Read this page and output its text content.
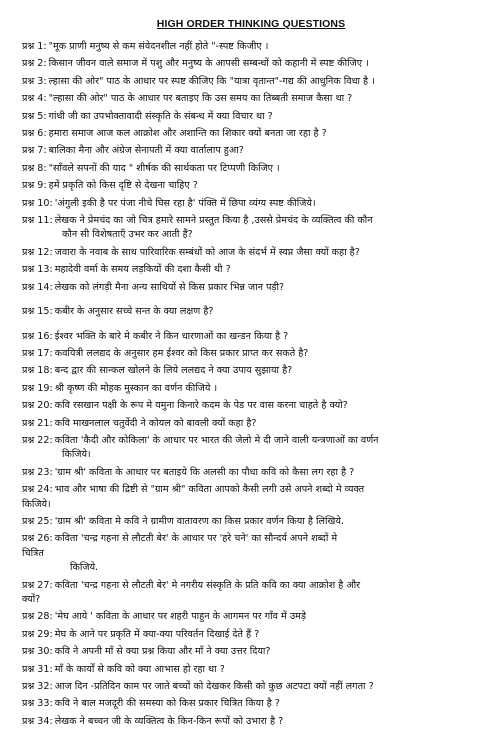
HIGH ORDER THINKING QUESTIONS
प्रश्न 1: "मूक प्राणी मनुष्य से कम संवेदनशील नहीं होते "-स्पष्ट किजीए ।
प्रश्न 2: किसान जीवन वाले समाज में पशु और मनुष्य के आपसी सम्बन्धों को कहानी में स्पष्ट कीजिए ।
प्रश्न 3: ल्हासा की ओर" पाठ के आधार पर स्पष्ट कीजिए कि "यात्रा वृतान्त"-गद्य की आधुनिक विधा है ।
प्रश्न 4: "ल्हासा की ओर" पाठ के आधार पर बताइए कि उस समय का तिब्बती समाज कैसा था ?
प्रश्न 5: गांधी जी का उपभोक्तावादी संस्कृति के संबन्ध में क्या विचार था ?
प्रश्न 6: हमारा समाज आज कल आक्रोश और अशान्ति का शिकार क्यों बनता जा रहा है ?
प्रश्न 7: बालिका मैना और अंग्रेज सेनापती में क्या वार्तालाप हुआ?
प्रश्न 8: "साँवले सपनों की याद " शीर्षक की सार्थकता पर टिप्पणी किजिए ।
प्रश्न 9: हमें प्रकृति को किस दृष्टि से देखना चाहिए ?
प्रश्न 10: 'अंगुली इकी है पर पंजा नीचे घिस रहा है' पंक्ति में छिपा व्यंग्य स्पष्ट कीजिये।
प्रश्न 11: लेखक ने प्रेमचंद का जो चित्र हमारे सामने प्रस्तुत किया है ,उससे प्रेमचंद के व्यक्तित्व की कौन
कौन सी विशेषताएँ उभर कर आती हैं?
प्रश्न 12: जवारा के नवाब के साथ पारिवारिक सम्बंधों को आज के संदर्भ में स्वप्न जैसा क्यों कहा है?
प्रश्न 13: महादेवी वर्मा के समय लड़कियों की दशा कैसी थी ?
प्रश्न 14: लेखक को लंगड़ी मैना अन्य साथियों से किस प्रकार भिन्न जान पड़ी?
प्रश्न 15: कबीर के अनुसार सच्चे सन्त के क्या लक्षण है?
प्रश्न 16: ईश्वर भक्ति के बारे मे कबीर ने किन धारणाओं का खन्डन किया है ?
प्रश्न 17: कवयित्री ललद्यद के अनुसार हम ईश्वर को किस प्रकार प्राप्त कर सकते है?
प्रश्न 18: बन्द द्वार की सान्कल खोलने के लिये ललद्यद ने क्या उपाय सुझाया है?
प्रश्न 19: श्री कृष्ण की मोहक मुस्कान का वर्णन कीजिये ।
प्रश्न 20: कवि रसखान पक्षी के रूप मे यमुना किनारे कदम के पेड पर वास करना चाहते है क्यो?
प्रश्न 21: कवि माखनलाल चतुर्वेदी ने कोयल को बावली क्यों कहा है?
प्रश्न 22: कविता 'कैदी और कोकिला' के आधार पर भारत की जेलो मे दी जाने वाली यन्त्रणाओं का वर्णन
किजिये।
प्रश्न 23: 'ग्राम श्री' कविता के आधार पर बताइये कि अलसी का पौधा कवि को कैसा लग रहा है ?
प्रश्न 24: भाव और भाषा की द्रिष्टी से "ग्राम श्री" कविता आपको कैसी लगी उसे अपने शब्दो मे व्यक्त
किजिये।
प्रश्न 25: 'ग्राम श्री' कविता मे कवि ने ग्रामीण वातावरण का किस प्रकार वर्णन किया है लिखिये.
प्रश्न 26: कविता 'चन्द्र गहना से लौटती बेर' के आधार पर 'हरे चने' का सौन्दर्य अपने शब्दों मे
चित्रित
किजिये.
प्रश्न 27: कविता 'चन्द्र गहना से लौटती बेर' मे नगरीय संस्कृति के प्रति कवि का क्या आक्रोश है और
क्यों?
प्रश्न 28: 'मेघ आये ' कविता के आधार पर शहरी पाहुन के आगमन पर गाँव में उमड़े
प्रश्न 29: मेघ के आने पर प्रकृति में क्या-क्या परिवर्तन दिखाई देते हैं ?
प्रश्न 30: कवि ने अपनी माँ से क्या प्रश्न किया और माँ ने क्या उत्तर दिया?
प्रश्न 31: माँ के कार्यों से कवि को क्या आभास हो रहा था ?
प्रश्न 32: आज दिन -प्रतिदिन काम पर जाते बच्चों को देखकर किसी को कुछ अटपटा क्यों नहीं लगता ?
प्रश्न 33: कवि ने बाल मजदूरी की समस्या को किस प्रकार चित्रित किया है ?
प्रश्न 34: लेखक ने बच्चन जी के व्यक्तित्व के किन-किन रूपों को उभारा है ?
